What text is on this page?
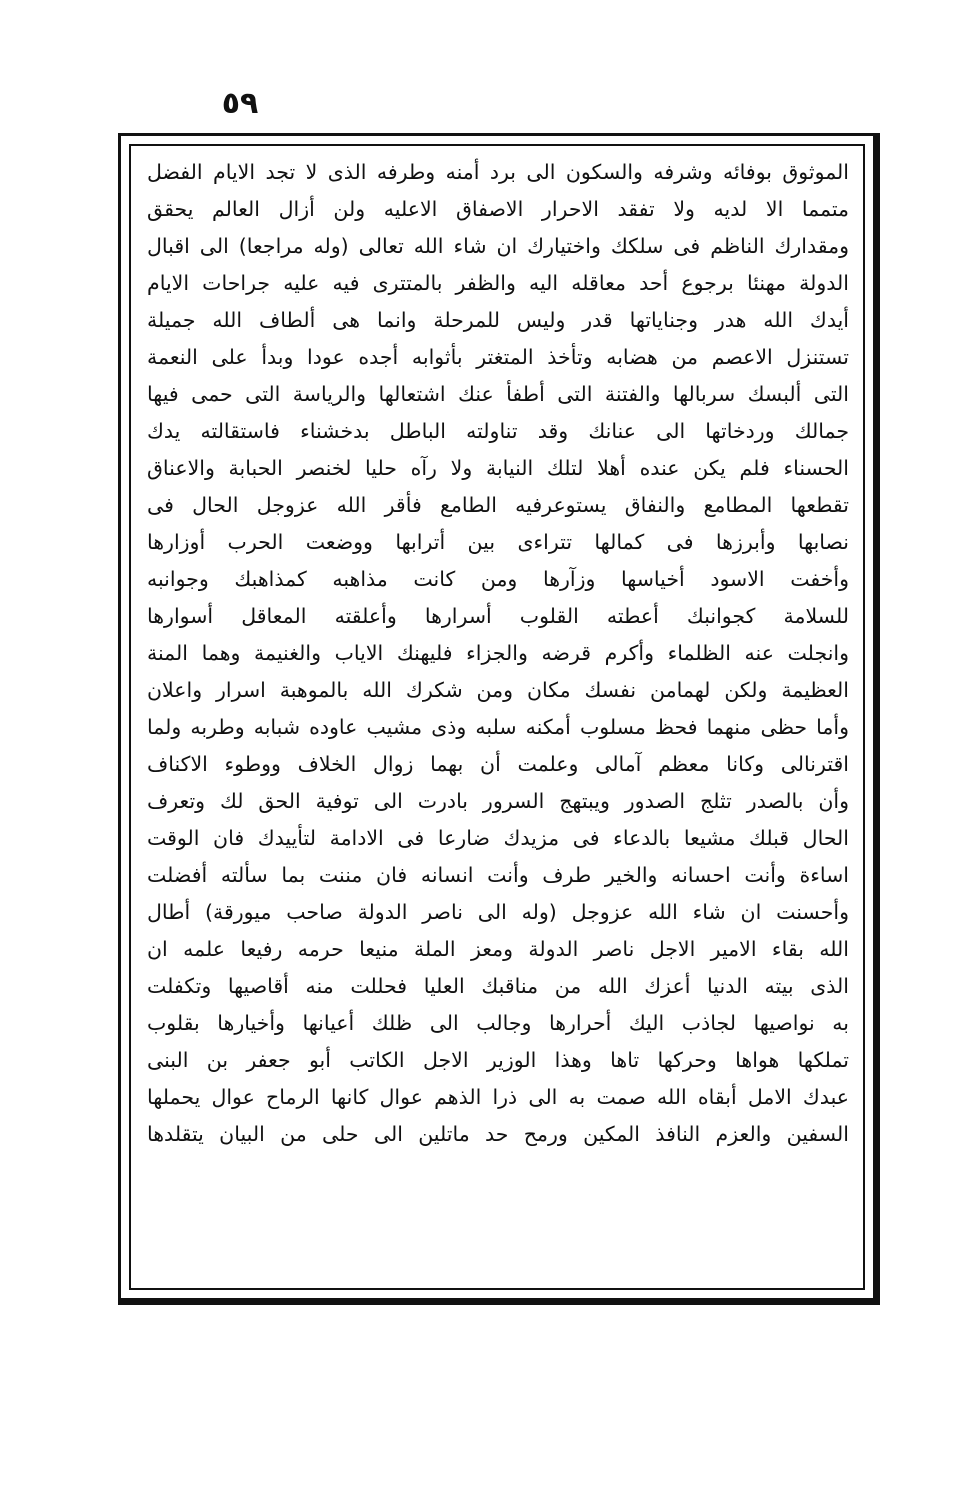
٥٩
الموثوق بوفائه وشرفه والسكون الى برد أمنه وطرفه الذى لا تجد الايام الفضل
متمما الا لديه ولا تفقد الاحرار الاصفاق الاعليه ولن أزال العالم يحقق
ومقدارك الناظم فى سلكك واختيارك ان شاء الله تعالى (وله مراجعا) الى اقبال
الدولة مهنئا برجوع أحد معاقله اليه والظفر بالمتترى فيه عليه جراحات الايام
أيدك الله هدر وجناياتها قدر وليس للمرحلة وانما هى ألطاف الله جميلة
تستنزل الاعصم من هضابه وتأخذ المتغتر بأثوابه أجده عودا وبدأ على النعمة
التى ألبسك سربالها والفتنة التى أطفأ عنك اشتعالها والرياسة التى حمى فيها
جمالك وردخاتها الى عنانك وقد تناولته الباطل بدخشناء فاستقالته يدك
الحسناء فلم يكن عنده أهلا لتلك النيابة ولا رآه حليا لخنصر الحبابة والاعناق
تقطعها المطامع والنفاق يستوعرفيه الطامع فأقر الله عزوجل الحال فى
نصابها وأبرزها فى كمالها تتراءى بين أترابها ووضعت الحرب أوزارها
وأخفت الاسود أخياسها وزآرها ومن كانت مذاهبه كمذاهبك وجوانبه
للسلامة كجوانبك أعطته القلوب أسرارها وأعلقته المعاقل أسوارها
وانجلت عنه الظلماء وأكرم قرضه والجزاء فليهنك الاياب والغنيمة وهما المنة
العظيمة ولكن لهمامن نفسك مكان ومن شكرك الله بالموهبة اسرار واعلان
وأما حظى منهما فحظ مسلوب أمكنه سلبه وذى مشيب عاوده شبابه وطربه ولما
اقترنالى وكانا معظم آمالى وعلمت أن بهما زوال الخلاف ووطوء الاكناف
وأن بالصدر تثلج الصدور ويبتهج السرور بادرت الى توفية الحق لك وتعرف
الحال قبلك مشيعا بالدعاء فى مزيدك ضارعا فى الادامة لتأييدك فان الوقت
اساءة وأنت احسانه والخير طرف وأنت انسانه فان مننت بما سألته أفضلت
وأحسنت ان شاء الله عزوجل (وله الى ناصر الدولة صاحب ميورقة) أطال
الله بقاء الامير الاجل ناصر الدولة ومعز الملة منيعا حرمه رفيعا علمه ان
الذى بيته الدنيا أعزك الله من مناقبك العليا فحللت منه أقاصيها وتكفلت
به نواصيها لجاذب اليك أحرارها وجالب الى ظلك أعيانها وأخيارها بقلوب
تملكها هواها وحركها تاها وهذا الوزير الاجل الكاتب أبو جعفر بن البنى
عبدك الامل أبقاه الله صمت به الى ذرا الذهم عوال كانها الرماح عوال يحملها
السفين والعزم النافذ المكين ورمح حد ماتلين الى حلى من البيان يتقلدها
